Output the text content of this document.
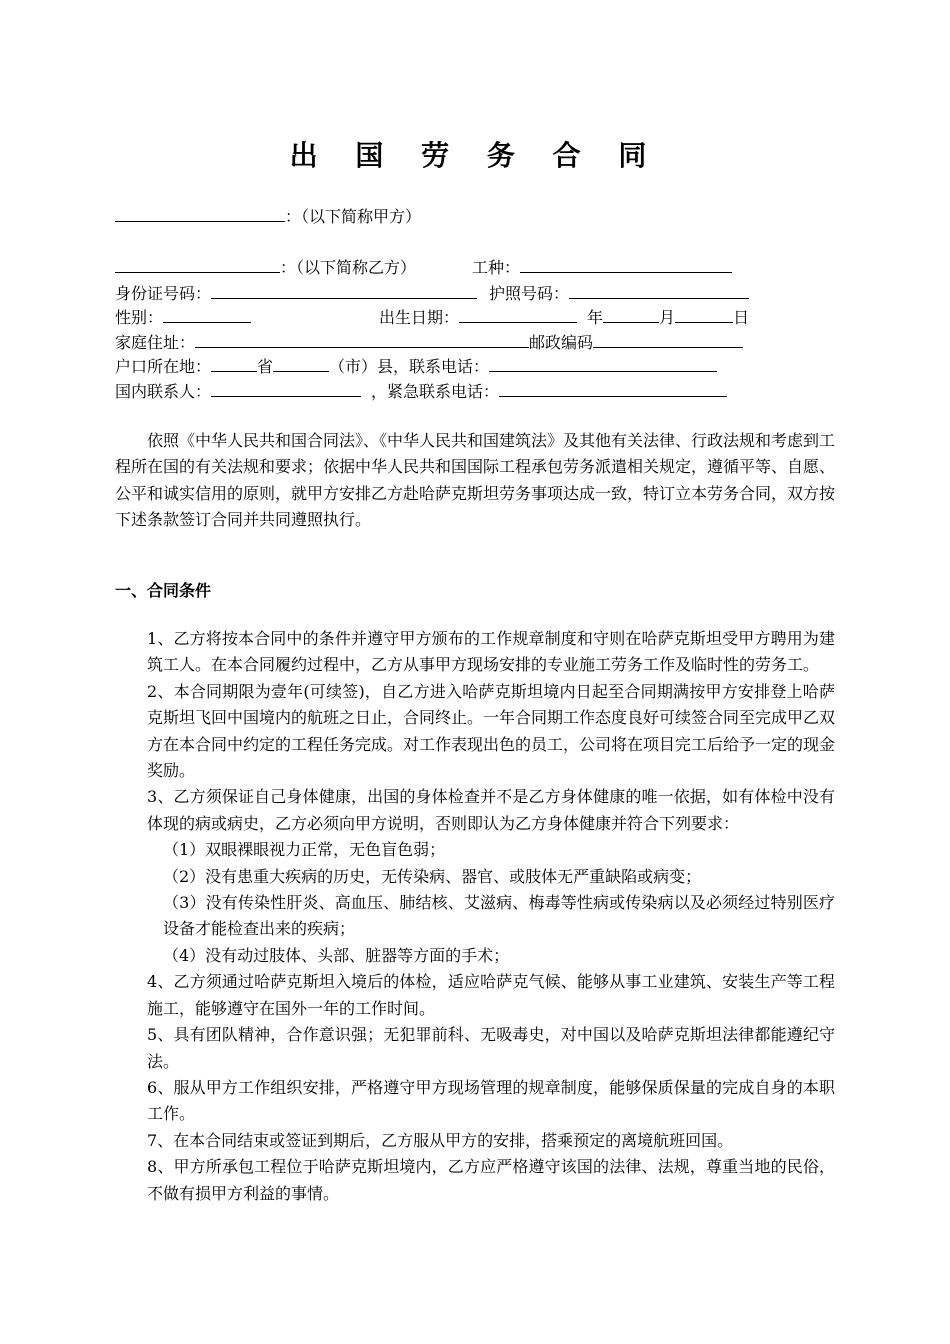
出 国 劳 务 合 同
：（以下简称甲方）
：（以下简称乙方）	工种：
身份证号码：	护照号码：
性别：	出生日期：	年	月	日
家庭住址：	邮政编码
户口所在地：	省	（市）县，联系电话：
国内联系人：	，紧急联系电话：
依照《中华人民共和国合同法》、《中华人民共和国建筑法》及其他有关法律、行政法规和考虑到工程所在国的有关法规和要求；依据中华人民共和国国际工程承包劳务派遣相关规定，遵循平等、自愿、公平和诚实信用的原则，就甲方安排乙方赴哈萨克斯坦劳务事项达成一致，特订立本劳务合同，双方按下述条款签订合同并共同遵照执行。
一、合同条件
1、乙方将按本合同中的条件并遵守甲方颁布的工作规章制度和守则在哈萨克斯坦受甲方聘用为建筑工人。在本合同履约过程中，乙方从事甲方现场安排的专业施工劳务工作及临时性的劳务工。
2、本合同期限为壹年(可续签)，自乙方进入哈萨克斯坦境内日起至合同期满按甲方安排登上哈萨克斯坦飞回中国境内的航班之日止，合同终止。一年合同期工作态度良好可续签合同至完成甲乙双方在本合同中约定的工程任务完成。对工作表现出色的员工，公司将在项目完工后给予一定的现金奖励。
3、乙方须保证自己身体健康，出国的身体检查并不是乙方身体健康的唯一依据，如有体检中没有体现的病或病史，乙方必须向甲方说明，否则即认为乙方身体健康并符合下列要求：
（1）双眼裸眼视力正常，无色盲色弱；
（2）没有患重大疾病的历史，无传染病、器官、或肢体无严重缺陷或病变；
（3）没有传染性肝炎、高血压、肺结核、艾滋病、梅毒等性病或传染病以及必须经过特别医疗设备才能检查出来的疾病；
（4）没有动过肢体、头部、脏器等方面的手术；
4、乙方须通过哈萨克斯坦入境后的体检，适应哈萨克气候、能够从事工业建筑、安装生产等工程施工，能够遵守在国外一年的工作时间。
5、具有团队精神，合作意识强；无犯罪前科、无吸毒史，对中国以及哈萨克斯坦法律都能遵纪守法。
6、服从甲方工作组织安排，严格遵守甲方现场管理的规章制度，能够保质保量的完成自身的本职工作。
7、在本合同结束或签证到期后，乙方服从甲方的安排，搭乘预定的离境航班回国。
8、甲方所承包工程位于哈萨克斯坦境内，乙方应严格遵守该国的法律、法规，尊重当地的民俗，不做有损甲方利益的事情。
